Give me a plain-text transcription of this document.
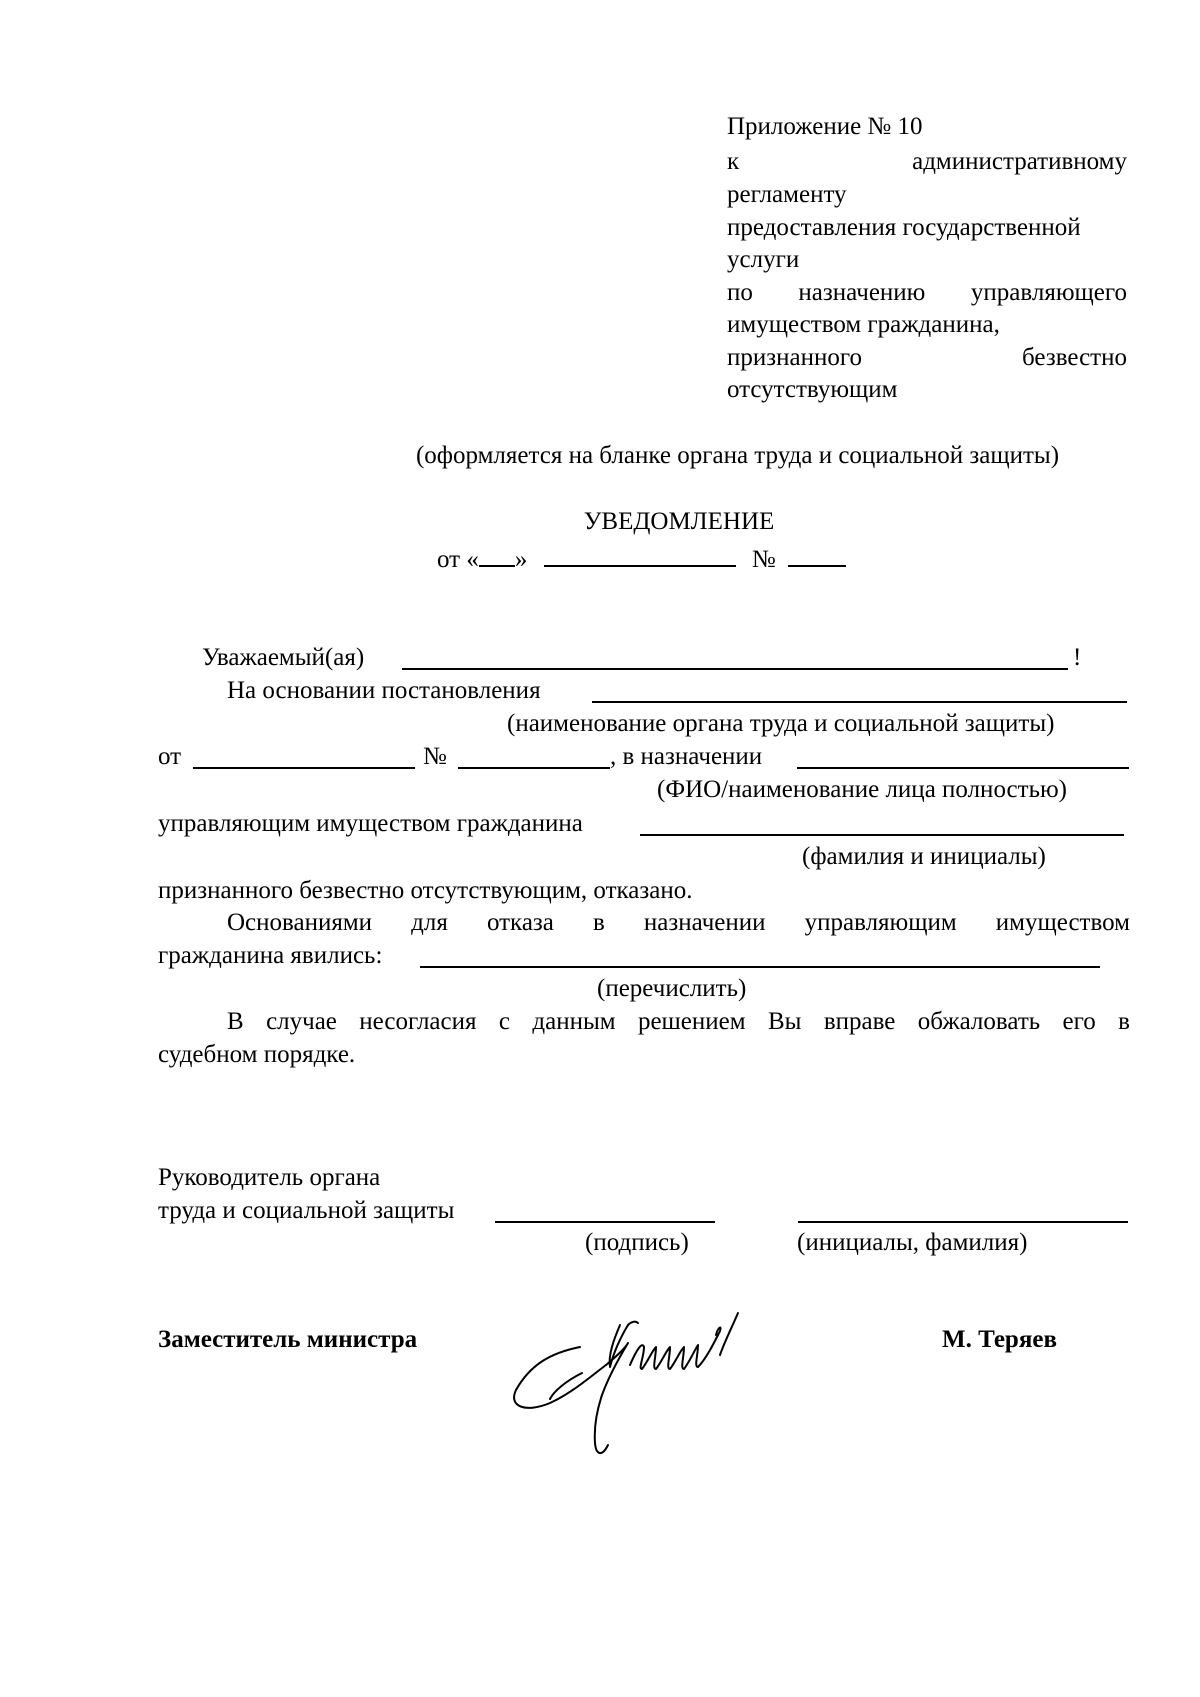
Приложение № 10
к	административному
регламенту
предоставления государственной
услуги
по назначению управляющего
имуществом гражданина,
признанного	безвестно
отсутствующим
(оформляется на бланке органа труда и социальной защиты)
УВЕДОМЛЕНИЕ
от « »	№
Уважаемый(ая)	!
На основании постановления
(наименование органа труда и социальной защиты)
от	№	, в назначении
(ФИО/наименование лица полностью)
управляющим имуществом гражданина
(фамилия и инициалы)
признанного безвестно отсутствующим, отказано.
Основаниями для отказа в назначении управляющим имуществом
гражданина явились:
(перечислить)
В случае несогласия с данным решением Вы вправе обжаловать его в
судебном порядке.
Руководитель органа
труда и социальной защиты
(подпись)	(инициалы, фамилия)
Заместитель министра	М. Теряев
